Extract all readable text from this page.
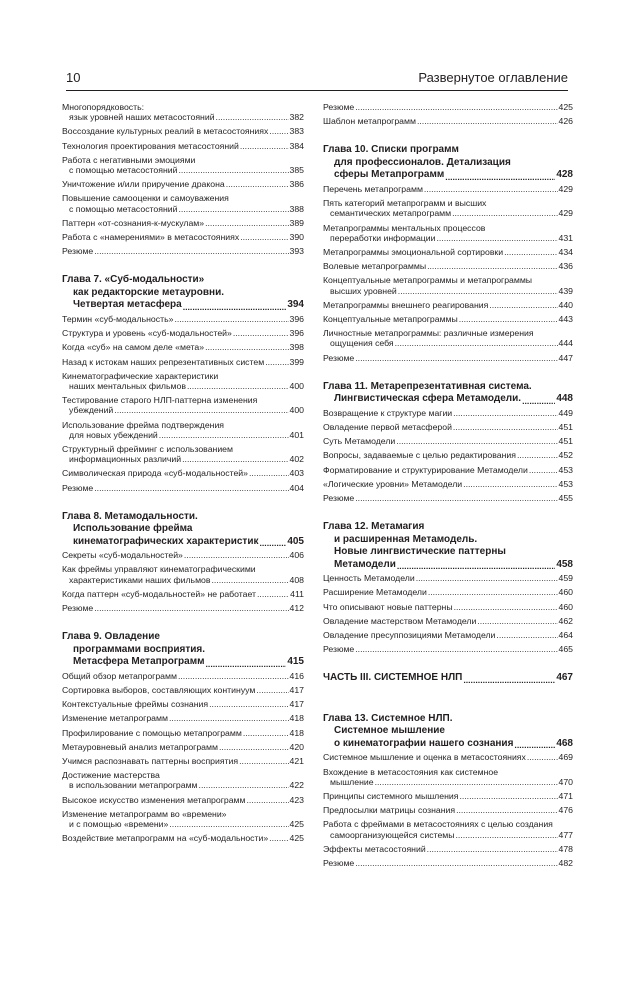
10	Развернутое оглавление
Многопорядковость:
язык уровней наших метасостояний .....	382
Воссоздание культурных реалий в метасостояниях ..... 383
Технология проектирования метасостояний .....	384
Работа с негативными эмоциями
с помощью метасостояний .....	385
Уничтожение и/или приручение дракона .....	386
Повышение самооценки и самоуважения
с помощью метасостояний .....	388
Паттерн «от-сознания-к-мускулам» .....	389
Работа с «намерениями» в метасостояниях .....	390
Резюме .....	393
Глава 7. «Суб-модальности»
как редакторские метауровни.
Четвертая метасфера .....	394
Термин «суб-модальность» .....	396
Структура и уровень «суб-модальностей» .....	396
Когда «суб» на самом деле «мета» .....	398
Назад к истокам наших репрезентативных систем .....	399
Кинематографические характеристики
наших ментальных фильмов .....	400
Тестирование старого НЛП-паттерна изменения
убеждений .....	400
Использование фрейма подтверждения
для новых убеждений .....	401
Структурный фрейминг с использованием
информационных различий .....	402
Символическая природа «суб-модальностей» .....	403
Резюме .....	404
Глава 8. Метамодальности.
Использование фрейма
кинематографических характеристик .....	405
Секреты «суб-модальностей» .....	406
Как фреймы управляют кинематографическими
характеристиками наших фильмов .....	408
Когда паттерн «суб-модальностей» не работает .....	411
Резюме .....	412
Глава 9. Овладение
программами восприятия.
Метасфера Метапрограмм .....	415
Общий обзор метапрограмм .....	416
Сортировка выборов, составляющих континуум .....	417
Контекстуальные фреймы сознания .....	417
Изменение метапрограмм .....	418
Профилирование с помощью метапрограмм .....	418
Метауровневый анализ метапрограмм .....	420
Учимся распознавать паттерны восприятия .....	421
Достижение мастерства
в использовании метапрограмм .....	422
Высокое искусство изменения метапрограмм .....	423
Изменение метапрограмм во «времени»
и с помощью «времени» .....	425
Воздействие метапрограмм на «суб-модальности» ..... 425
Резюме .....	425
Шаблон метапрограмм .....	426
Глава 10. Списки программ
для профессионалов. Детализация
сферы Метапрограмм .....	428
Перечень метапрограмм .....	429
Пять категорий метапрограмм и высших
семантических метапрограмм .....	429
Метапрограммы ментальных процессов
переработки информации .....	431
Метапрограммы эмоциональной сортировки .....	434
Волевые метапрограммы .....	436
Концептуальные метапрограммы и метапрограммы
высших уровней .....	439
Метапрограммы внешнего реагирования .....	440
Концептуальные метапрограммы .....	443
Личностные метапрограммы: различные измерения
ощущения себя .....	444
Резюме .....	447
Глава 11. Метарепрезентативная система.
Лингвистическая сфера Метамодели. .....	448
Возвращение к структуре магии .....	449
Овладение первой метасферой .....	451
Суть Метамодели .....	451
Вопросы, задаваемые с целью редактирования .....	452
Форматирование и структурирование Метамодели .....	453
«Логические уровни» Метамодели .....	453
Резюме .....	455
Глава 12. Метамагия
и расширенная Метамодель.
Новые лингвистические паттерны
Метамодели .....	458
Ценность Метамодели .....	459
Расширение Метамодели .....	460
Что описывают новые паттерны .....	460
Овладение мастерством Метамодели .....	462
Овладение пресуппозициями Метамодели .....	464
Резюме .....	465
ЧАСТЬ III. СИСТЕМНОЕ НЛП .....	467
Глава 13. Системное НЛП.
Системное мышление
о кинематографии нашего сознания .....	468
Системное мышление и оценка в метасостояниях .....	469
Вхождение в метасостояния как системное
мышление .....	470
Принципы системного мышления .....	471
Предпосылки матрицы сознания .....	476
Работа с фреймами в метасостояниях с целью создания
самоорганизующейся системы .....	477
Эффекты метасостояний .....	478
Резюме .....	482
